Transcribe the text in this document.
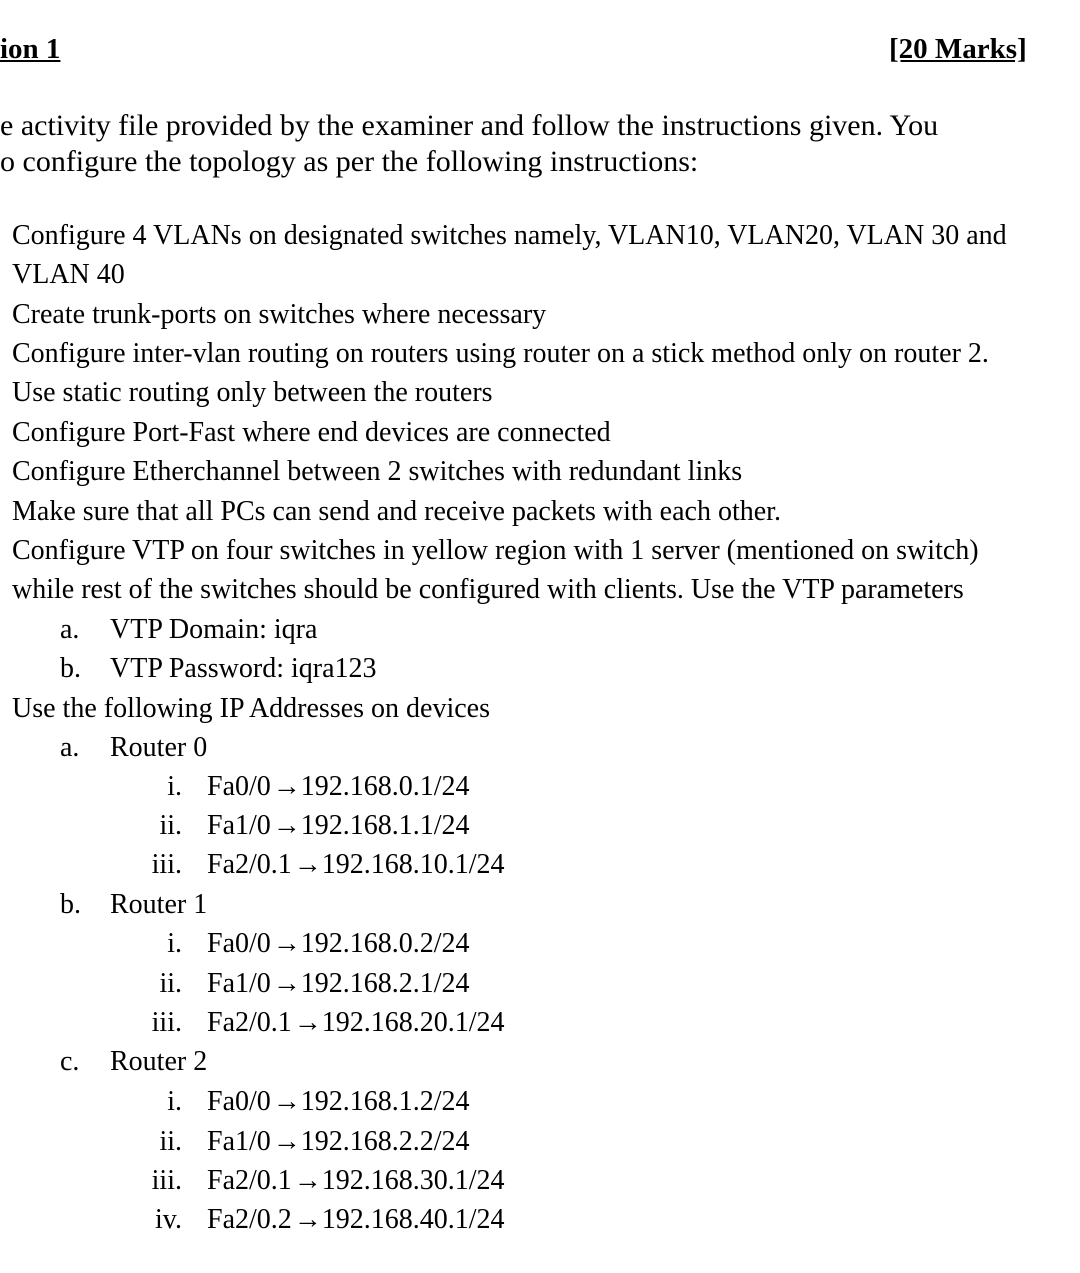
ion 1	[20 Marks]
e activity file provided by the examiner and follow the instructions given. You
o configure the topology as per the following instructions:
Configure 4 VLANs on designated switches namely, VLAN10, VLAN20, VLAN 30 and
VLAN 40
Create trunk-ports on switches where necessary
Configure inter-vlan routing on routers using router on a stick method only on router 2.
Use static routing only between the routers
Configure Port-Fast where end devices are connected
Configure Etherchannel between 2 switches with redundant links
Make sure that all PCs can send and receive packets with each other.
Configure VTP on four switches in yellow region with 1 server (mentioned on switch)
while rest of the switches should be configured with clients. Use the VTP parameters
a. VTP Domain: iqra
b. VTP Password: iqra123
Use the following IP Addresses on devices
a. Router 0
i. Fa0/0→192.168.0.1/24
ii. Fa1/0→192.168.1.1/24
iii. Fa2/0.1→192.168.10.1/24
b. Router 1
i. Fa0/0→192.168.0.2/24
ii. Fa1/0→192.168.2.1/24
iii. Fa2/0.1→192.168.20.1/24
c. Router 2
i. Fa0/0→192.168.1.2/24
ii. Fa1/0→192.168.2.2/24
iii. Fa2/0.1→192.168.30.1/24
iv. Fa2/0.2→192.168.40.1/24
